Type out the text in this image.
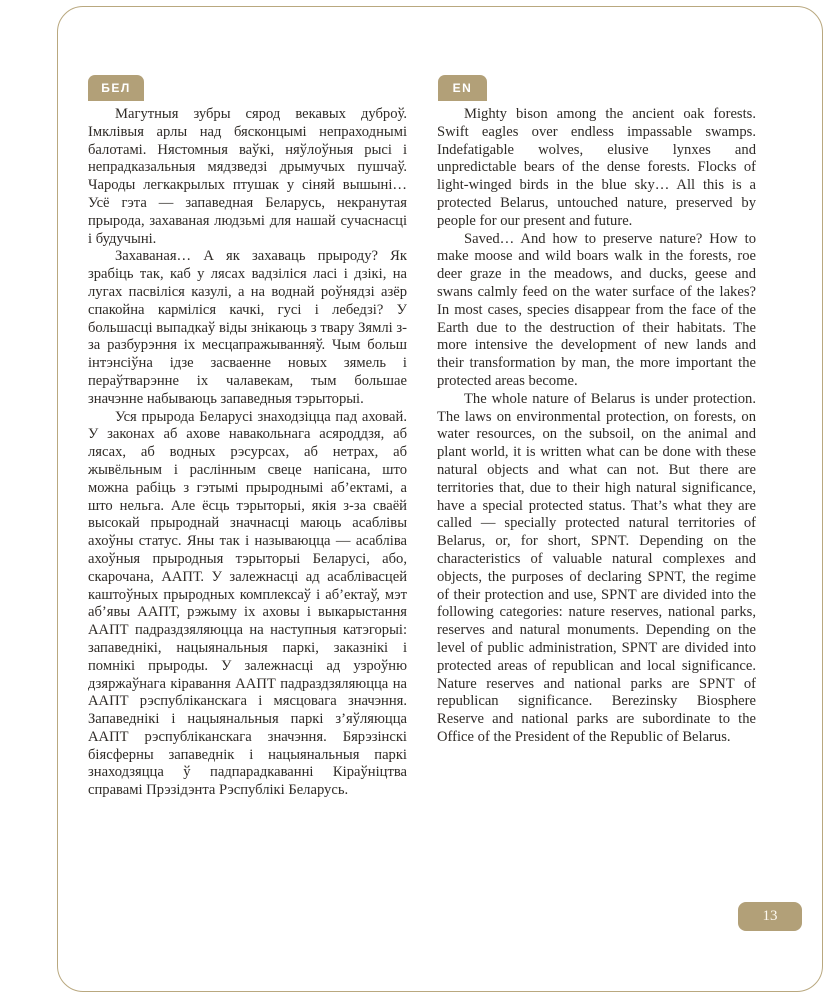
БЕЛ	EN

Магутныя зубры сярод векавых дуброў. Імклівыя арлы над бясконцымі непраходнымі балотамі. Нястомныя ваўкі, няўлоўныя рысі і непрадказальныя мядзведзі дрымучых пушчаў. Чароды легкакрылых птушак у сіняй вышыні… Усё гэта — запаведная Беларусь, некранутая прырода, захаваная людзьмі для нашай сучаснасці і будучыні.

Захаваная… А як захаваць прыроду? Як зрабіць так, каб у лясах вадзіліся ласі і дзікі, на лугах пасвіліся казулі, а на воднай роўнядзі азёр спакойна карміліся качкі, гусі і лебедзі? У большасці выпадкаў віды знікаюць з твару Зямлі з-за разбурэння іх месцапражыванняў. Чым больш інтэнсіўна ідзе засваенне новых зямель і пераўтварэнне іх чалавекам, тым большае значэнне набываюць запаведныя тэрыторыі.

Уся прырода Беларусі знаходзіцца пад аховай. У законах аб ахове навакольнага асяроддзя, аб лясах, аб водных рэсурсах, аб нетрах, аб жывёльным і раслінным свеце напісана, што можна рабіць з гэтымі прыроднымі аб’ектамі, а што нельга. Але ёсць тэрыторыі, якія з-за сваёй высокай прыроднай значнасці маюць асаблівы ахоўны статус. Яны так і называюцца — асабліва ахоўныя прыродныя тэрыторыі Беларусі, або, скарочана, ААПТ. У залежнасці ад асаблівасцей каштоўных прыродных комплексаў і аб’ектаў, мэт аб’явы ААПТ, рэжыму іх аховы і выкарыстання ААПТ падраздзяляюцца на наступныя катэгорыі: запаведнікі, нацыянальныя паркі, заказнікі і помнікі прыроды. У залежнасці ад узроўню дзяржаўнага кіравання ААПТ падраздзяляюцца на ААПТ рэспубліканскага і мясцовага значэння. Запаведнікі і нацыянальныя паркі з’яўляюцца ААПТ рэспубліканскага значэння. Бярэзінскі біясферны запаведнік і нацыянальныя паркі знаходзяцца ў падпарадкаванні Кіраўніцтва справамі Прэзідэнта Рэспублікі Беларусь.

Mighty bison among the ancient oak forests. Swift eagles over endless impassable swamps. Indefatigable wolves, elusive lynxes and unpredictable bears of the dense forests. Flocks of light-winged birds in the blue sky… All this is a protected Belarus, untouched nature, preserved by people for our present and future.

Saved… And how to preserve nature? How to make moose and wild boars walk in the forests, roe deer graze in the meadows, and ducks, geese and swans calmly feed on the water surface of the lakes? In most cases, species disappear from the face of the Earth due to the destruction of their habitats. The more intensive the development of new lands and their transformation by man, the more important the protected areas become.

The whole nature of Belarus is under protection. The laws on environmental protection, on forests, on water resources, on the subsoil, on the animal and plant world, it is written what can be done with these natural objects and what can not. But there are territories that, due to their high natural significance, have a special protected status. That’s what they are called — specially protected natural territories of Belarus, or, for short, SPNT. Depending on the characteristics of valuable natural complexes and objects, the purposes of declaring SPNT, the regime of their protection and use, SPNT are divided into the following categories: nature reserves, national parks, reserves and natural monuments. Depending on the level of public administration, SPNT are divided into protected areas of republican and local significance. Nature reserves and national parks are SPNT of republican significance. Berezinsky Biosphere Reserve and national parks are subordinate to the Office of the President of the Republic of Belarus.

13
